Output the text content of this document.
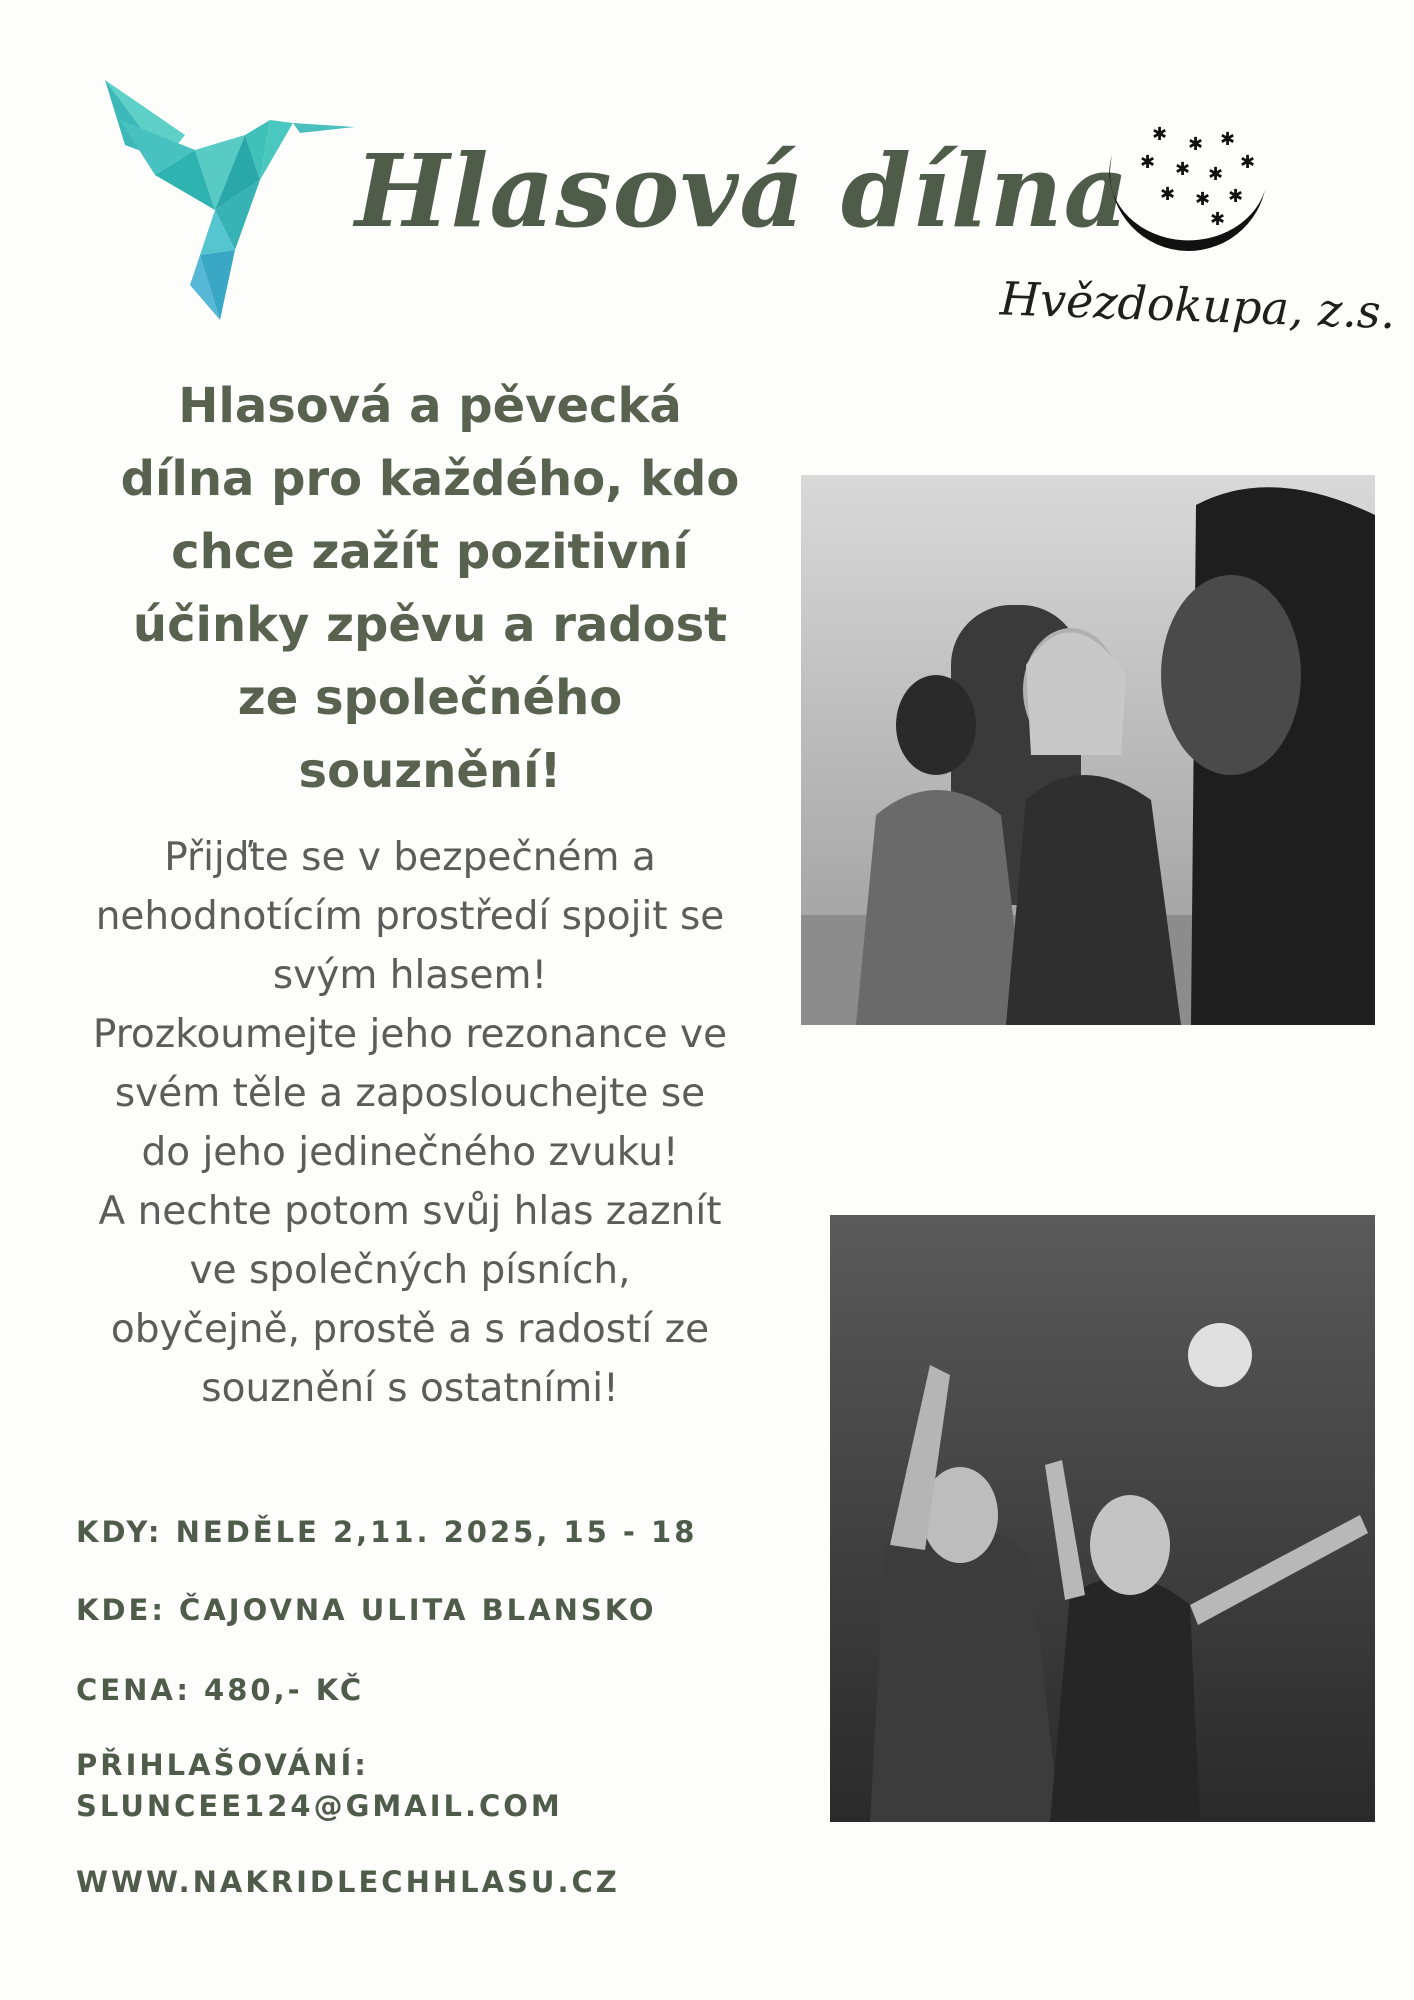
Hlasová dílna ✱ ✱ ✱
✱ ✱ ✱
✱
✱ ✱ ✱
✱
Hvězdokupa, z.s.
Hlasová a pěvecká
dílna pro každého, kdo
chce zažít pozitivní
účinky zpěvu a radost
ze společného
souznění!
Přijďte se v bezpečném a
nehodnotícím prostředí spojit se
svým hlasem!
Prozkoumejte jeho rezonance ve
svém těle a zaposlouchejte se
do jeho jedinečného zvuku!
A nechte potom svůj hlas zaznít
ve společných písních,
obyčejně, prostě a s radostí ze
souznění s ostatními!
KDY: NEDĚLE 2,11. 2025, 15 - 18
KDE: ČAJOVNA ULITA BLANSKO
CENA: 480,- KČ
PŘIHLAŠOVÁNÍ:
SLUNCEE124@GMAIL.COM
WWW.NAKRIDLECHHLASU.CZ
